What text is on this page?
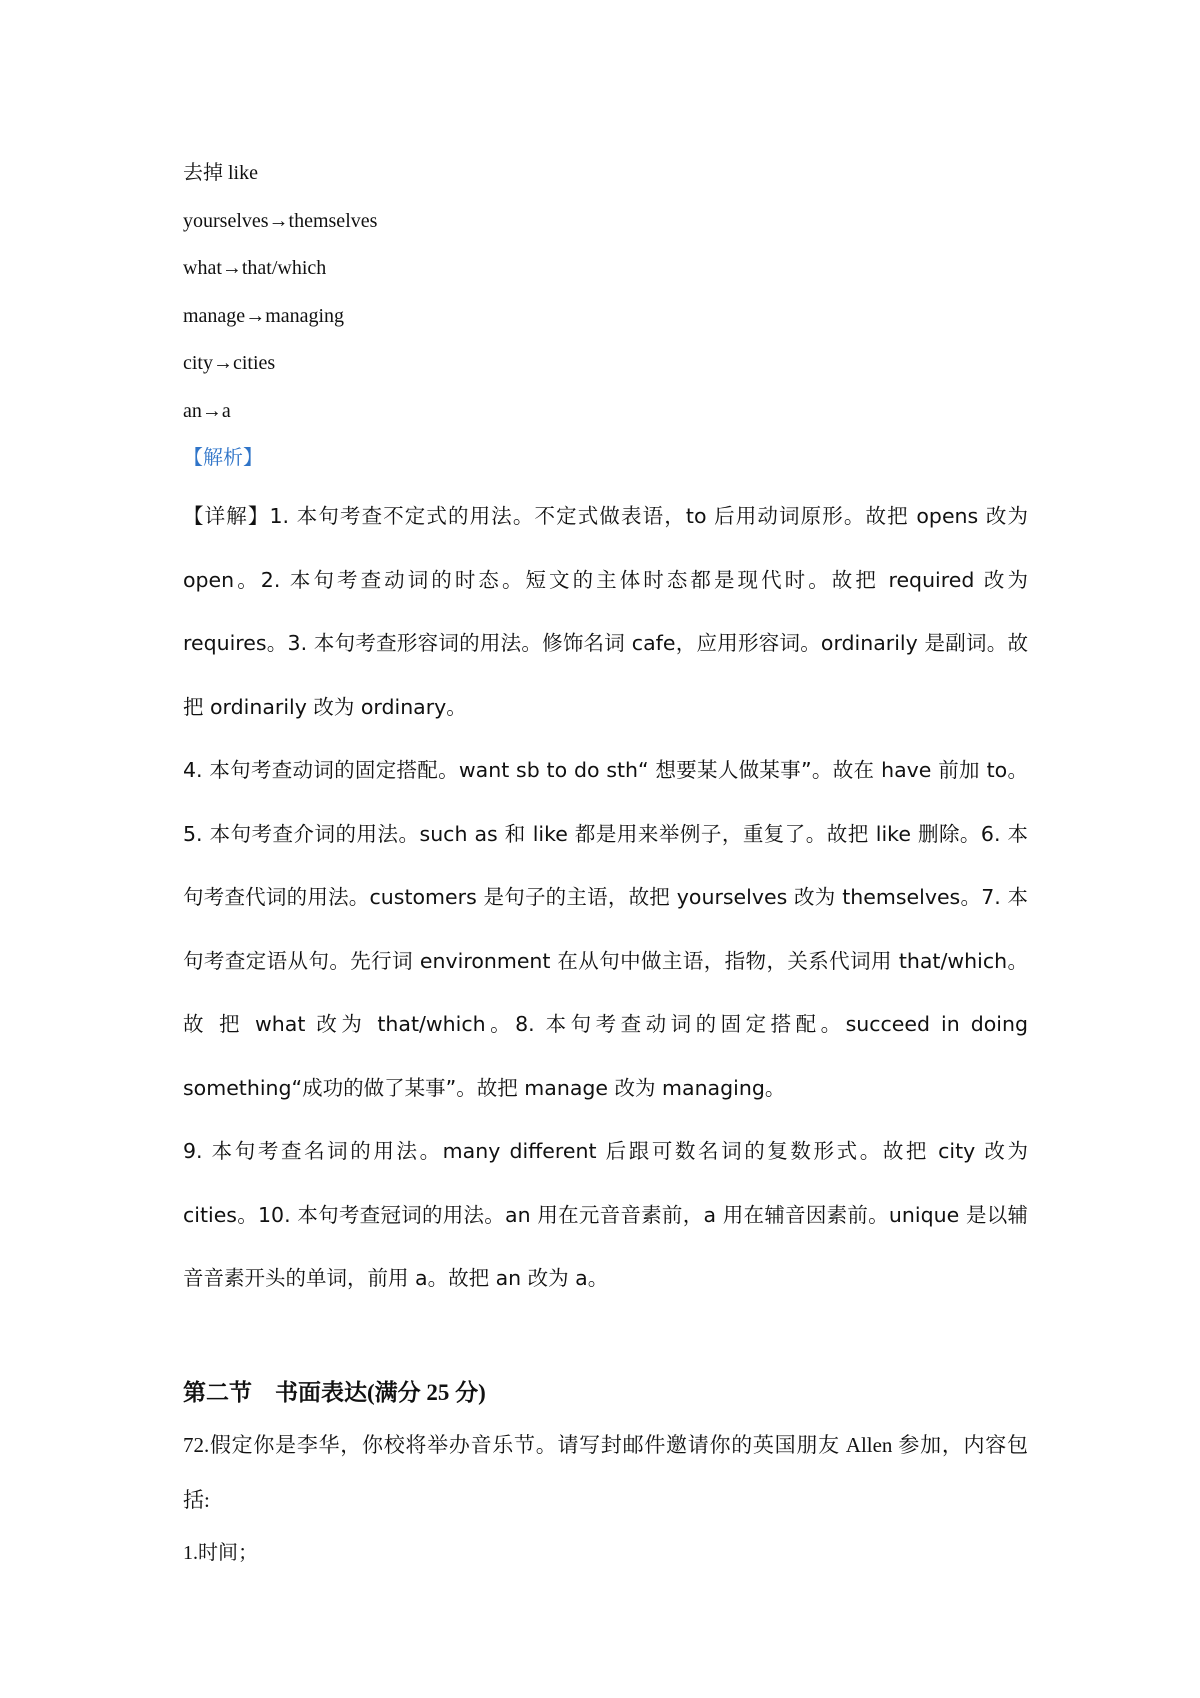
去掉 like
yourselves→themselves
what→that/which
manage→managing
city→cities
an→a
【解析】

【详解】1. 本句考查不定式的用法。不定式做表语，to 后用动词原形。故把 opens 改为 open。2. 本句考查动词的时态。短文的主体时态都是现代时。故把 required 改为 requires。3. 本句考查形容词的用法。修饰名词 cafe，应用形容词。ordinarily 是副词。故把 ordinarily 改为 ordinary。

4. 本句考查动词的固定搭配。want sb to do sth“ 想要某人做某事”。故在 have 前加 to。5. 本句考查介词的用法。such as 和 like 都是用来举例子，重复了。故把 like 删除。6. 本句考查代词的用法。customers 是句子的主语，故把 yourselves 改为 themselves。7. 本句考查定语从句。先行词 environment 在从句中做主语，指物，关系代词用 that/which。故 把 what 改为 that/which。8. 本句考查动词的固定搭配。succeed in doing something“成功的做了某事”。故把 manage 改为 managing。

9. 本句考查名词的用法。many different 后跟可数名词的复数形式。故把 city 改为 cities。10. 本句考查冠词的用法。an 用在元音音素前，a 用在辅音因素前。unique 是以辅音音素开头的单词，前用 a。故把 an 改为 a。

第二节　书面表达(满分 25 分)

72.假定你是李华，你校将举办音乐节。请写封邮件邀请你的英国朋友 Allen 参加，内容包括:

1.时间；
